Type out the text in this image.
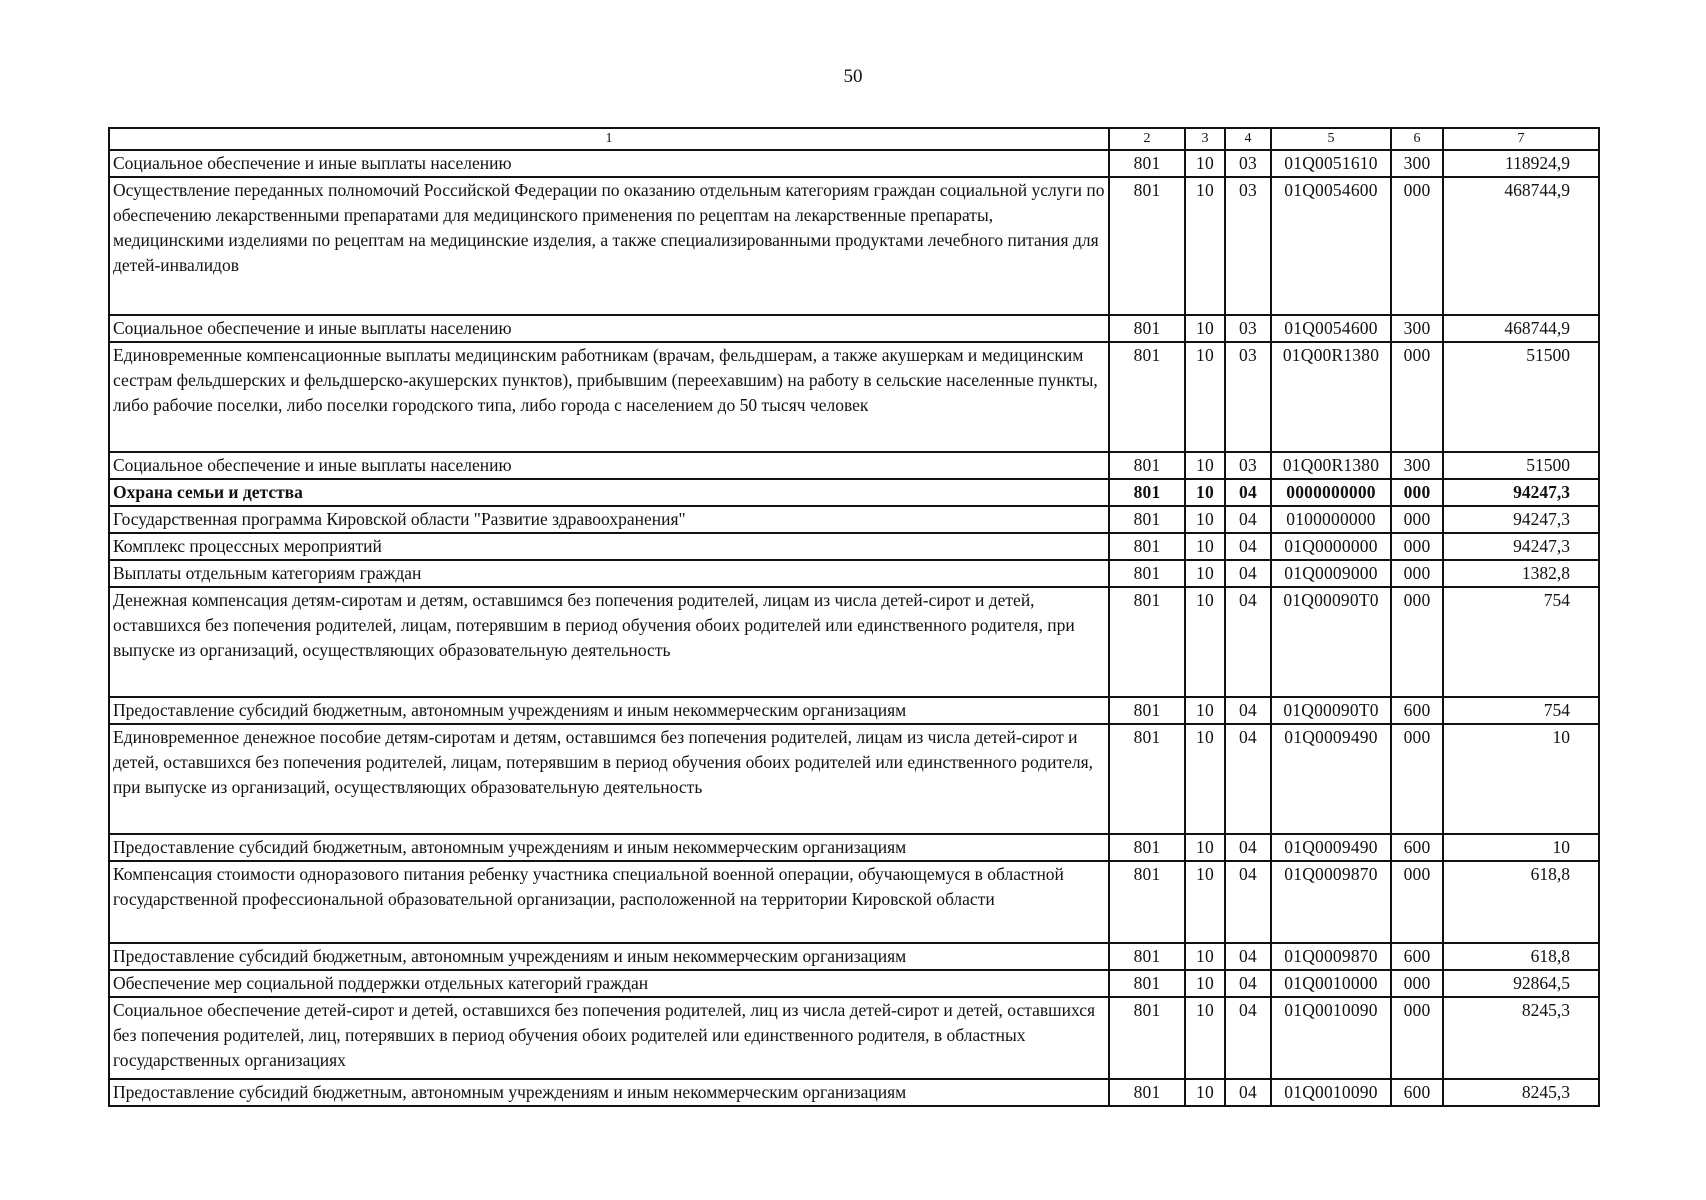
50
1	2	3	4	5	6	7
Социальное обеспечение и иные выплаты населению	801	10	03	01Q0051610	300	118924,9
Осуществление переданных полномочий Российской Федерации по оказанию отдельным категориям граждан социальной услуги по обеспечению лекарственными препаратами для медицинского применения по рецептам на лекарственные препараты, медицинскими изделиями по рецептам на медицинские изделия, а также специализированными продуктами лечебного питания для детей-инвалидов	801	10	03	01Q0054600	000	468744,9
Социальное обеспечение и иные выплаты населению	801	10	03	01Q0054600	300	468744,9
Единовременные компенсационные выплаты медицинским работникам (врачам, фельдшерам, а также акушеркам и медицинским сестрам фельдшерских и фельдшерско-акушерских пунктов), прибывшим (переехавшим) на работу в сельские населенные пункты, либо рабочие поселки, либо поселки городского типа, либо города с населением до 50 тысяч человек	801	10	03	01Q00R1380	000	51500
Социальное обеспечение и иные выплаты населению	801	10	03	01Q00R1380	300	51500
Охрана семьи и детства	801	10	04	0000000000	000	94247,3
Государственная программа Кировской области "Развитие здравоохранения"	801	10	04	0100000000	000	94247,3
Комплекс процессных мероприятий	801	10	04	01Q0000000	000	94247,3
Выплаты отдельным категориям граждан	801	10	04	01Q0009000	000	1382,8
Денежная компенсация детям-сиротам и детям, оставшимся без попечения родителей, лицам из числа детей-сирот и детей, оставшихся без попечения родителей, лицам, потерявшим в период обучения обоих родителей или единственного родителя, при выпуске из организаций, осуществляющих образовательную деятельность	801	10	04	01Q00090T0	000	754
Предоставление субсидий бюджетным, автономным учреждениям и иным некоммерческим организациям	801	10	04	01Q00090T0	600	754
Единовременное денежное пособие детям-сиротам и детям, оставшимся без попечения родителей, лицам из числа детей-сирот и детей, оставшихся без попечения родителей, лицам, потерявшим в период обучения обоих родителей или единственного родителя, при выпуске из организаций, осуществляющих образовательную деятельность	801	10	04	01Q0009490	000	10
Предоставление субсидий бюджетным, автономным учреждениям и иным некоммерческим организациям	801	10	04	01Q0009490	600	10
Компенсация стоимости одноразового питания ребенку участника специальной военной операции, обучающемуся в областной государственной профессиональной образовательной организации, расположенной на территории Кировской области	801	10	04	01Q0009870	000	618,8
Предоставление субсидий бюджетным, автономным учреждениям и иным некоммерческим организациям	801	10	04	01Q0009870	600	618,8
Обеспечение мер социальной поддержки отдельных категорий граждан	801	10	04	01Q0010000	000	92864,5
Социальное обеспечение детей-сирот и детей, оставшихся без попечения родителей, лиц из числа детей-сирот и детей, оставшихся без попечения родителей, лиц, потерявших в период обучения обоих родителей или единственного родителя, в областных государственных организациях	801	10	04	01Q0010090	000	8245,3
Предоставление субсидий бюджетным, автономным учреждениям и иным некоммерческим организациям	801	10	04	01Q0010090	600	8245,3
